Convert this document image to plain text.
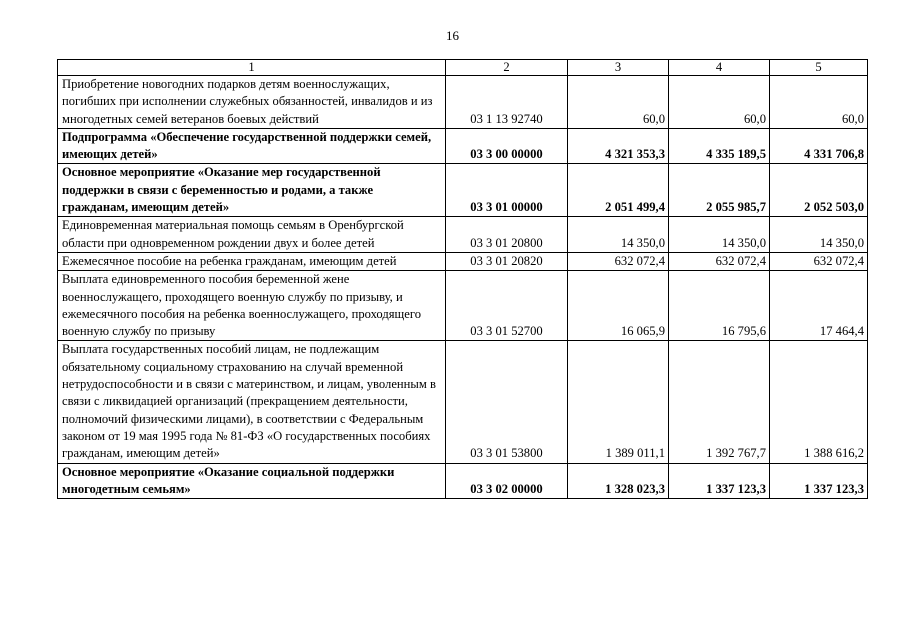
16
1	2	3	4	5
Приобретение новогодних подарков детям военнослужащих, погибших при исполнении служебных обязанностей, инвалидов и из многодетных семей ветеранов боевых действий	03 1 13 92740	60,0	60,0	60,0
Подпрограмма «Обеспечение государственной поддержки семей, имеющих детей»	03 3 00 00000	4 321 353,3	4 335 189,5	4 331 706,8
Основное мероприятие «Оказание мер государственной поддержки в связи с беременностью и родами, а также гражданам, имеющим детей»	03 3 01 00000	2 051 499,4	2 055 985,7	2 052 503,0
Единовременная материальная помощь семьям в Оренбургской области при одновременном рождении двух и более детей	03 3 01 20800	14 350,0	14 350,0	14 350,0
Ежемесячное пособие на ребенка гражданам, имеющим детей	03 3 01 20820	632 072,4	632 072,4	632 072,4
Выплата единовременного пособия беременной жене военнослужащего, проходящего военную службу по призыву, и ежемесячного пособия на ребенка военнослужащего, проходящего военную службу по призыву	03 3 01 52700	16 065,9	16 795,6	17 464,4
Выплата государственных пособий лицам, не подлежащим обязательному социальному страхованию на случай временной нетрудоспособности и в связи с материнством, и лицам, уволенным в связи с ликвидацией организаций (прекращением деятельности, полномочий физическими лицами), в соответствии с Федеральным законом от 19 мая 1995 года № 81-ФЗ «О государственных пособиях гражданам, имеющим детей»	03 3 01 53800	1 389 011,1	1 392 767,7	1 388 616,2
Основное мероприятие «Оказание социальной поддержки многодетным семьям»	03 3 02 00000	1 328 023,3	1 337 123,3	1 337 123,3
